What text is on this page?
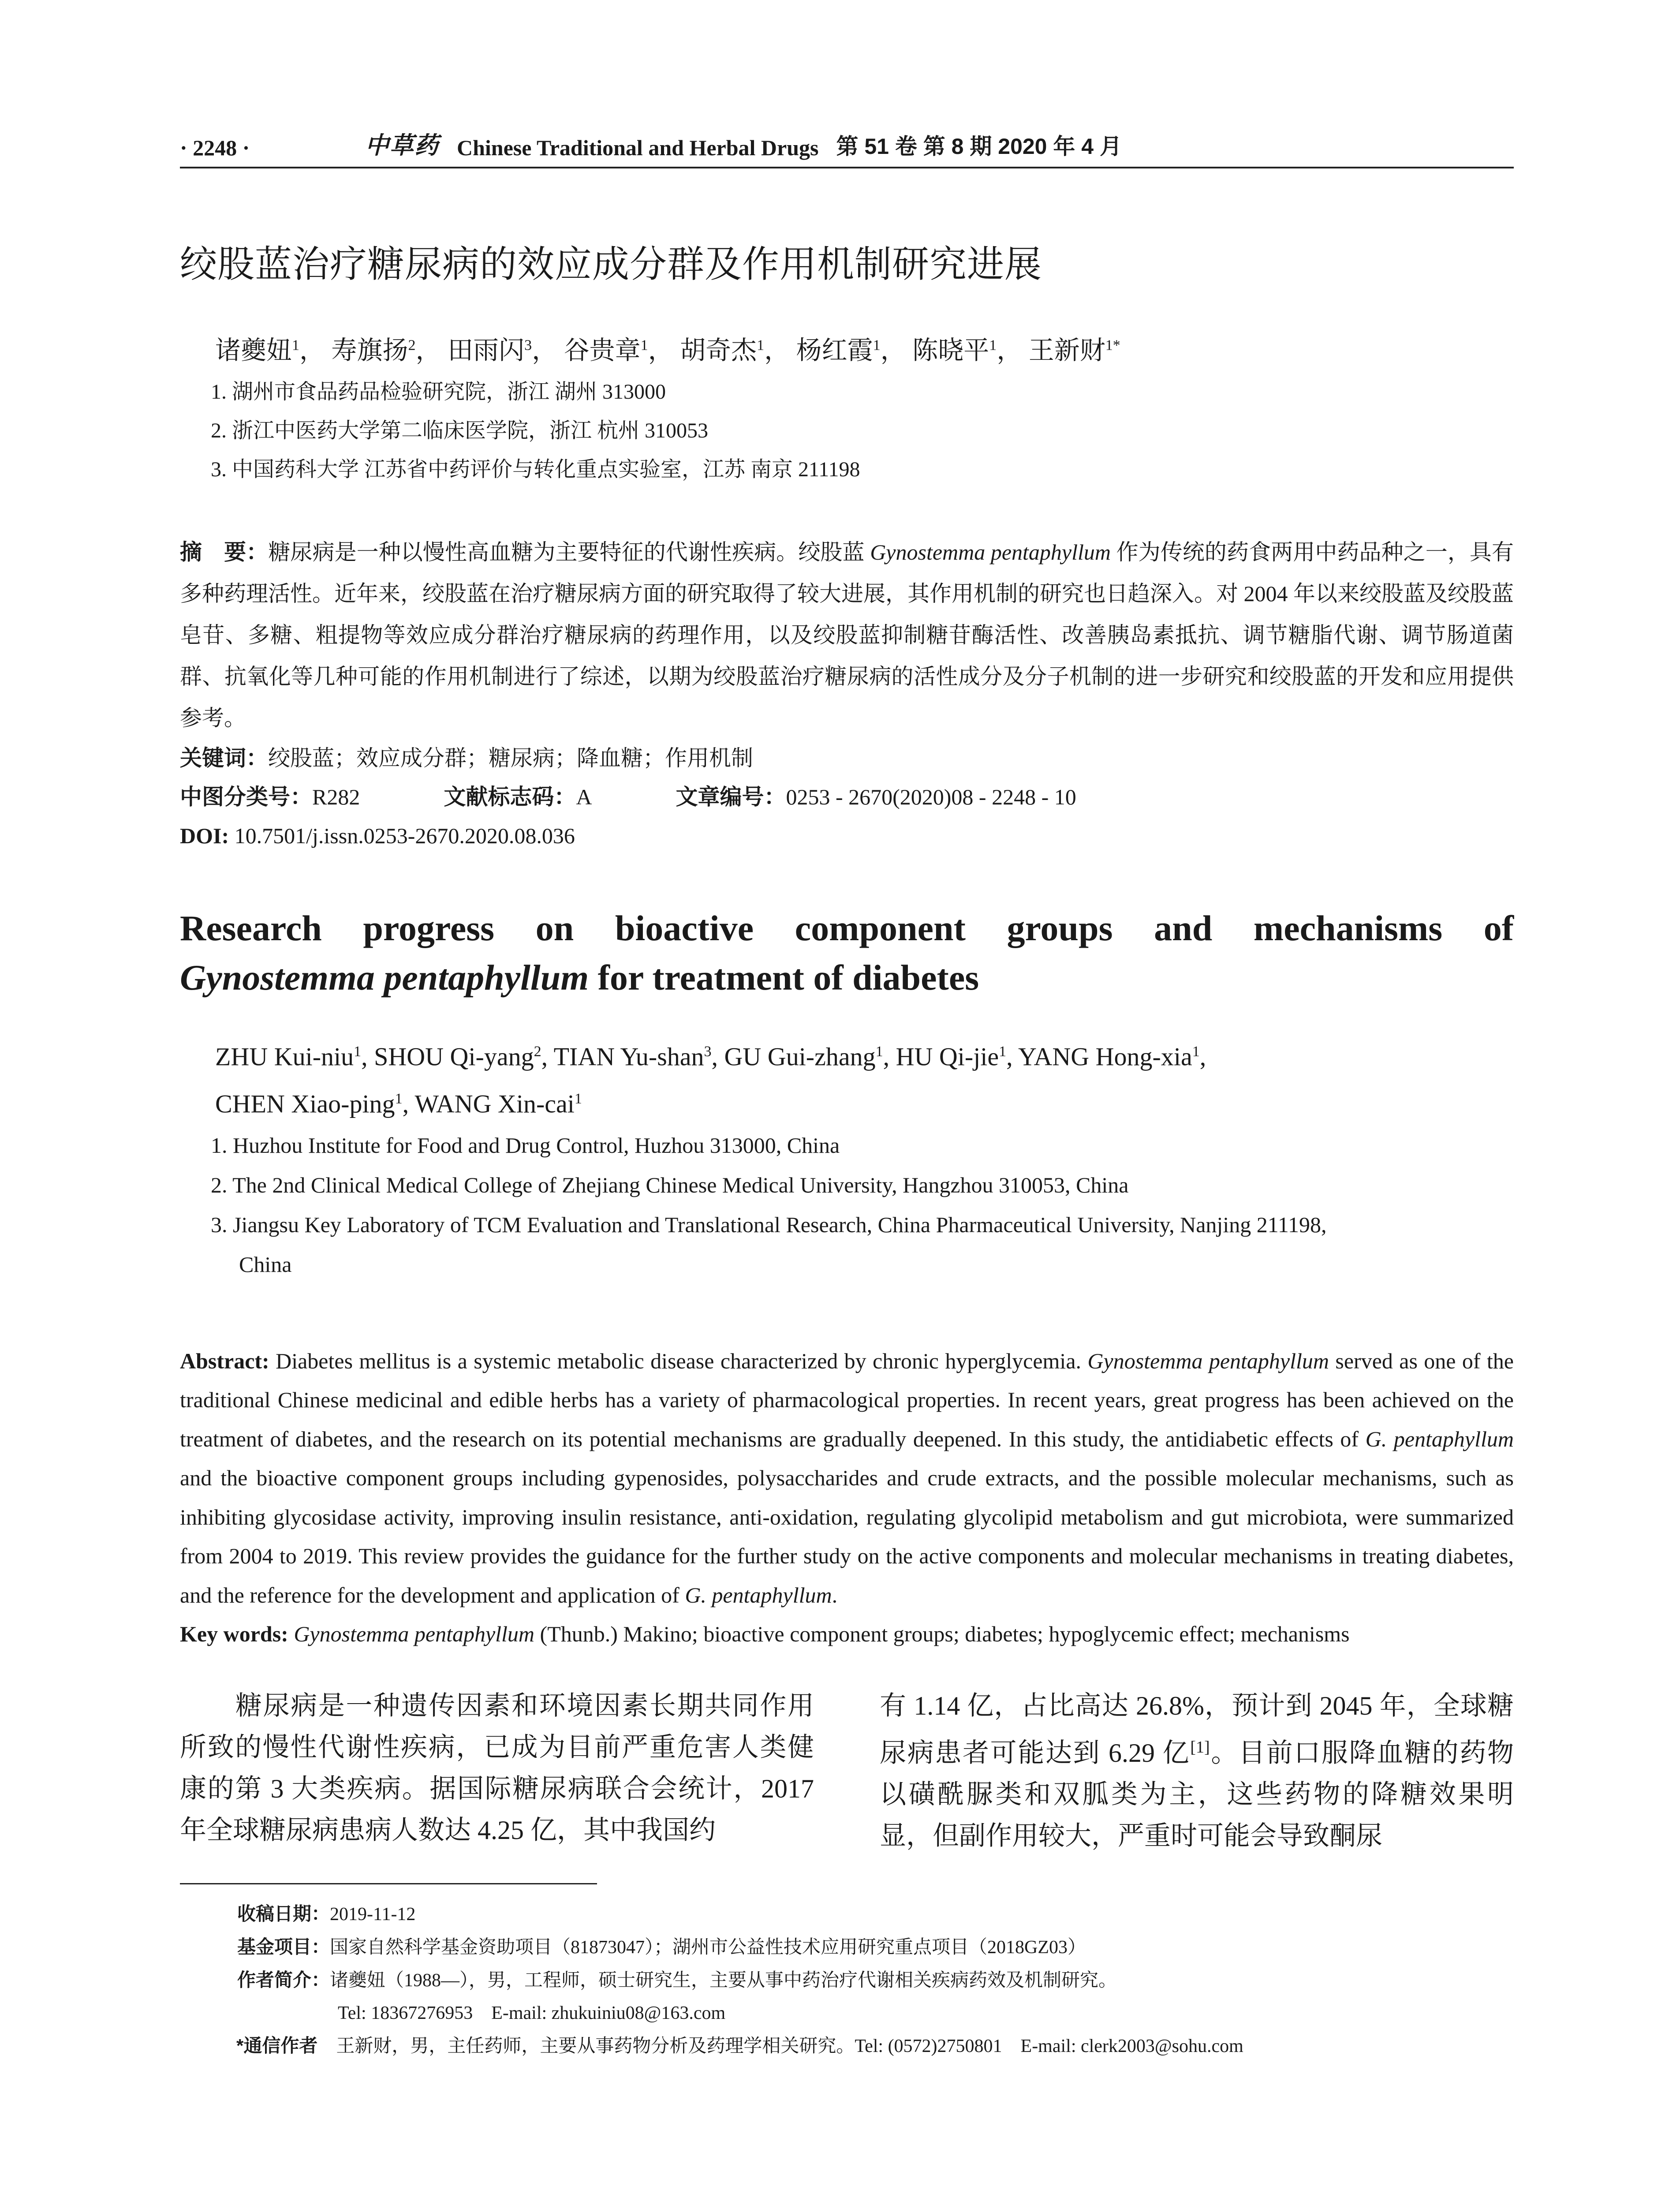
· 2248 ·	中草药 Chinese Traditional and Herbal Drugs 第 51 卷 第 8 期 2020 年 4 月
绞股蓝治疗糖尿病的效应成分群及作用机制研究进展
诸夔妞$^1$， 寿旗扬$^2$， 田雨闪$^3$， 谷贵章$^1$， 胡奇杰$^1$， 杨红霞$^1$， 陈晓平$^1$， 王新财$^{1*}$
1. 湖州市食品药品检验研究院，浙江 湖州 313000
2. 浙江中医药大学第二临床医学院，浙江 杭州 310053
3. 中国药科大学 江苏省中药评价与转化重点实验室，江苏 南京 211198
摘　要：糖尿病是一种以慢性高血糖为主要特征的代谢性疾病。绞股蓝 Gynostemma pentaphyllum 作为传统的药食两用中药品种之一，具有多种药理活性。近年来，绞股蓝在治疗糖尿病方面的研究取得了较大进展，其作用机制的研究也日趋深入。对 2004 年以来绞股蓝及绞股蓝皂苷、多糖、粗提物等效应成分群治疗糖尿病的药理作用，以及绞股蓝抑制糖苷酶活性、改善胰岛素抵抗、调节糖脂代谢、调节肠道菌群、抗氧化等几种可能的作用机制进行了综述，以期为绞股蓝治疗糖尿病的活性成分及分子机制的进一步研究和绞股蓝的开发和应用提供参考。
关键词：绞股蓝；效应成分群；糖尿病；降血糖；作用机制
中图分类号：R282	文献标志码：A	文章编号：0253 - 2670(2020)08 - 2248 - 10
DOI: 10.7501/j.issn.0253-2670.2020.08.036
Research progress on bioactive component groups and mechanisms of
Gynostemma pentaphyllum for treatment of diabetes
ZHU Kui-niu$^1$, SHOU Qi-yang$^2$, TIAN Yu-shan$^3$, GU Gui-zhang$^1$, HU Qi-jie$^1$, YANG Hong-xia$^1$,
CHEN Xiao-ping$^1$, WANG Xin-cai$^1$
1. Huzhou Institute for Food and Drug Control, Huzhou 313000, China
2. The 2nd Clinical Medical College of Zhejiang Chinese Medical University, Hangzhou 310053, China
3. Jiangsu Key Laboratory of TCM Evaluation and Translational Research, China Pharmaceutical University, Nanjing 211198,
China
Abstract: Diabetes mellitus is a systemic metabolic disease characterized by chronic hyperglycemia. Gynostemma pentaphyllum served as one of the traditional Chinese medicinal and edible herbs has a variety of pharmacological properties. In recent years, great progress has been achieved on the treatment of diabetes, and the research on its potential mechanisms are gradually deepened. In this study, the antidiabetic effects of G. pentaphyllum and the bioactive component groups including gypenosides, polysaccharides and crude extracts, and the possible molecular mechanisms, such as inhibiting glycosidase activity, improving insulin resistance, anti-oxidation, regulating glycolipid metabolism and gut microbiota, were summarized from 2004 to 2019. This review provides the guidance for the further study on the active components and molecular mechanisms in treating diabetes, and the reference for the development and application of G. pentaphyllum.
Key words: Gynostemma pentaphyllum (Thunb.) Makino; bioactive component groups; diabetes; hypoglycemic effect; mechanisms

糖尿病是一种遗传因素和环境因素长期共同作用所致的慢性代谢性疾病，已成为目前严重危害人类健康的第 3 大类疾病。据国际糖尿病联合会统计，2017 年全球糖尿病患病人数达 4.25 亿，其中我国约

有 1.14 亿，占比高达 26.8%，预计到 2045 年，全球糖尿病患者可能达到 6.29 亿[1]。目前口服降血糖的药物以磺酰脲类和双胍类为主，这些药物的降糖效果明显，但副作用较大，严重时可能会导致酮尿

收稿日期：2019-11-12
基金项目：国家自然科学基金资助项目（81873047）；湖州市公益性技术应用研究重点项目（2018GZ03）
作者简介：诸夔妞（1988—），男，工程师，硕士研究生，主要从事中药治疗代谢相关疾病药效及机制研究。
Tel: 18367276953　E-mail: zhukuiniu08@163.com
*通信作者　王新财，男，主任药师，主要从事药物分析及药理学相关研究。Tel: (0572)2750801　E-mail: clerk2003@sohu.com
